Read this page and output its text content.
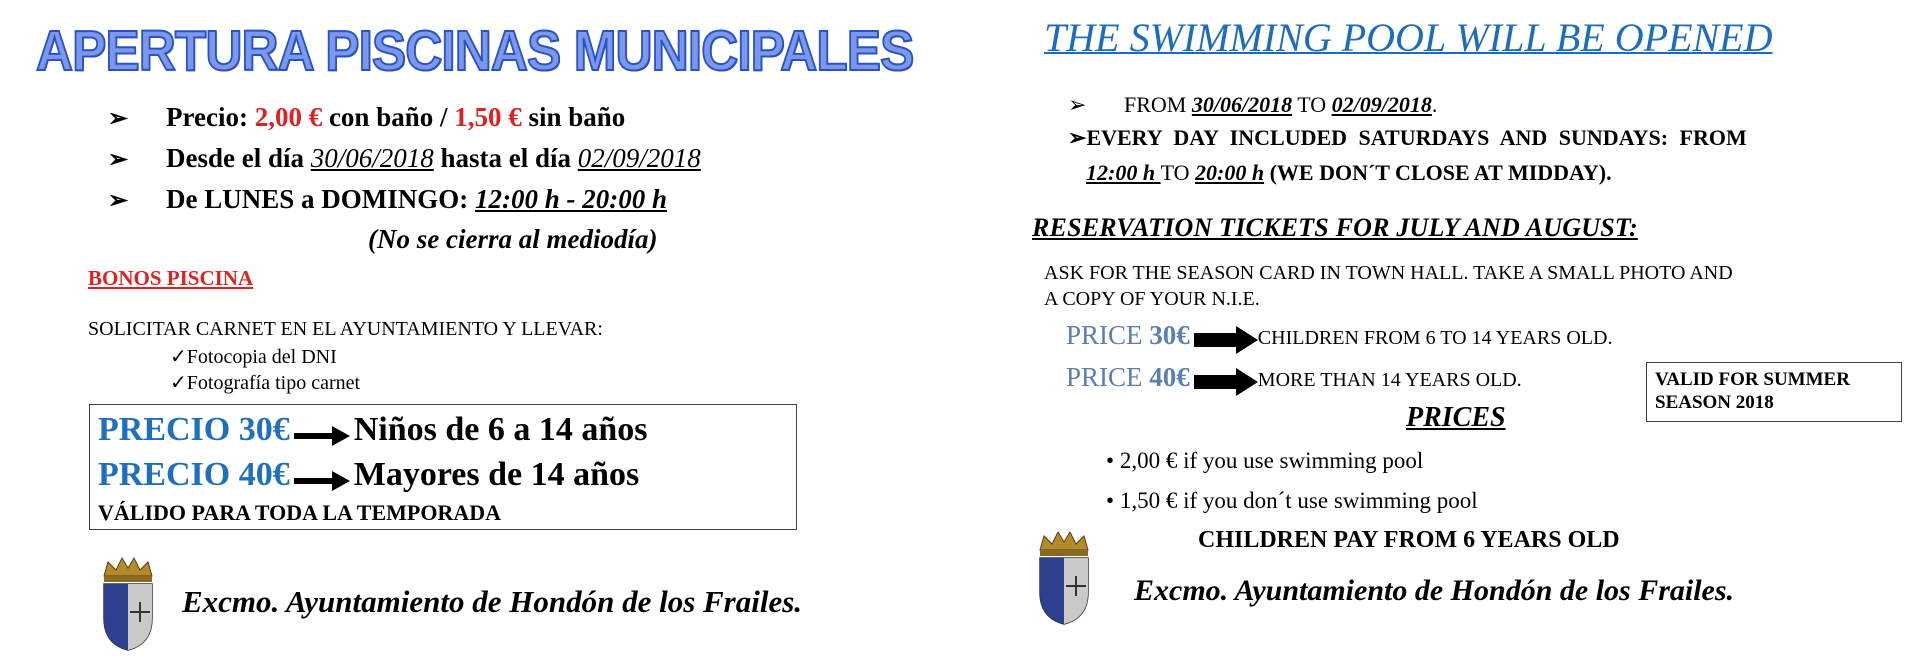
APERTURA PISCINAS MUNICIPALES
➢ Precio: 2,00 € con baño / 1,50 € sin baño
➢ Desde el día 30/06/2018 hasta el día 02/09/2018
➢ De LUNES a DOMINGO: 12:00 h - 20:00 h
(No se cierra al mediodía)
BONOS PISCINA
SOLICITAR CARNET EN EL AYUNTAMIENTO Y LLEVAR:
✓Fotocopia del DNI
✓Fotografía tipo carnet
PRECIO 30€ Niños de 6 a 14 años
PRECIO 40€ Mayores de 14 años
VÁLIDO PARA TODA LA TEMPORADA
Excmo. Ayuntamiento de Hondón de los Frailes.
THE SWIMMING POOL WILL BE OPENED
➢ FROM 30/06/2018 TO 02/09/2018.
➢EVERY DAY INCLUDED SATURDAYS AND SUNDAYS: FROM
12:00 h TO 20:00 h (WE DON´T CLOSE AT MIDDAY).
RESERVATION TICKETS FOR JULY AND AUGUST:
ASK FOR THE SEASON CARD IN TOWN HALL. TAKE A SMALL PHOTO AND
A COPY OF YOUR N.I.E.
PRICE 30€	CHILDREN FROM 6 TO 14 YEARS OLD.
PRICE 40€	MORE THAN 14 YEARS OLD.	VALID FOR SUMMER SEASON 2018
PRICES
• 2,00 € if you use swimming pool
• 1,50 € if you don´t use swimming pool
CHILDREN PAY FROM 6 YEARS OLD
Excmo. Ayuntamiento de Hondón de los Frailes.
